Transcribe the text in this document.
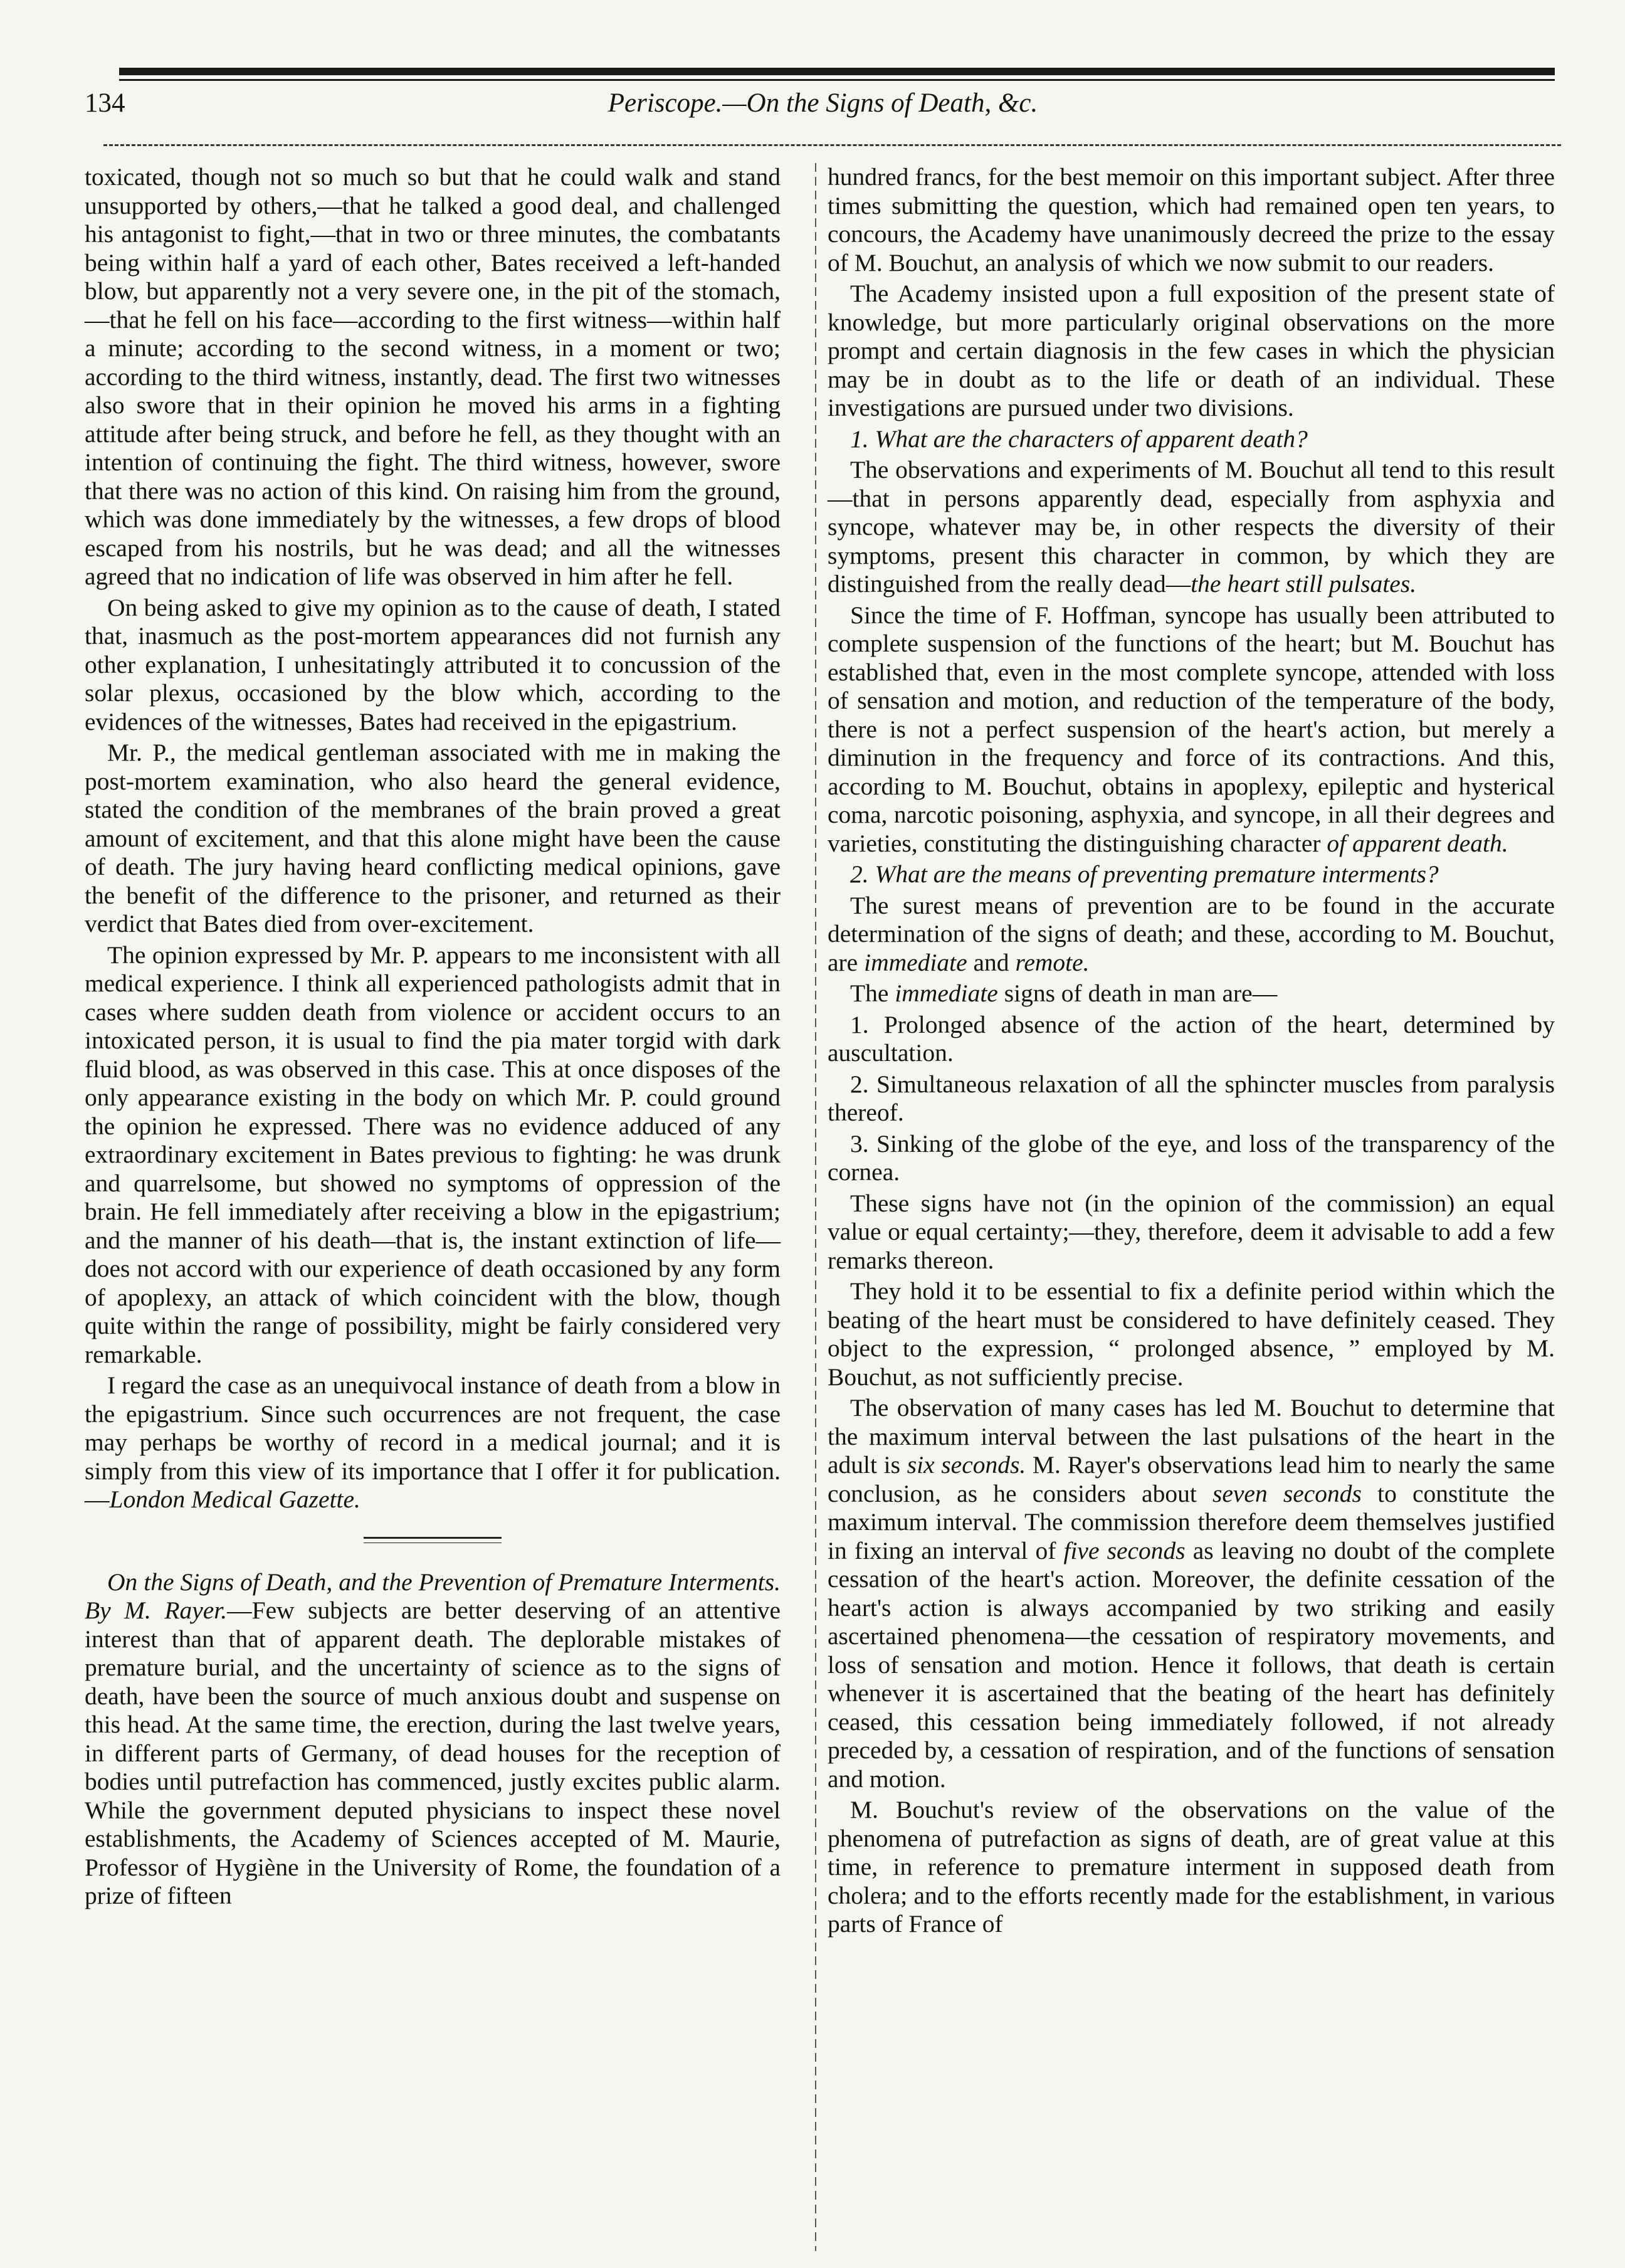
134	Periscope.—On the Signs of Death, &c.

toxicated, though not so much so but that he could walk and stand unsupported by others,—that he talked a good deal, and challenged his antagonist to fight,—that in two or three minutes, the combatants being within half a yard of each other, Bates received a left-handed blow, but apparently not a very severe one, in the pit of the stomach,—that he fell on his face—according to the first witness—within half a minute; according to the second witness, in a moment or two; according to the third witness, instantly, dead. The first two witnesses also swore that in their opinion he moved his arms in a fighting attitude after being struck, and before he fell, as they thought with an intention of continuing the fight. The third witness, however, swore that there was no action of this kind. On raising him from the ground, which was done immediately by the witnesses, a few drops of blood escaped from his nostrils, but he was dead; and all the witnesses agreed that no indication of life was observed in him after he fell.

On being asked to give my opinion as to the cause of death, I stated that, inasmuch as the post-mortem appearances did not furnish any other explanation, I unhesitatingly attributed it to concussion of the solar plexus, occasioned by the blow which, according to the evidences of the witnesses, Bates had received in the epigastrium.

Mr. P., the medical gentleman associated with me in making the post-mortem examination, who also heard the general evidence, stated the condition of the membranes of the brain proved a great amount of excitement, and that this alone might have been the cause of death. The jury having heard conflicting medical opinions, gave the benefit of the difference to the prisoner, and returned as their verdict that Bates died from over-excitement.

The opinion expressed by Mr. P. appears to me inconsistent with all medical experience. I think all experienced pathologists admit that in cases where sudden death from violence or accident occurs to an intoxicated person, it is usual to find the pia mater torgid with dark fluid blood, as was observed in this case. This at once disposes of the only appearance existing in the body on which Mr. P. could ground the opinion he expressed. There was no evidence adduced of any extraordinary excitement in Bates previous to fighting: he was drunk and quarrelsome, but showed no symptoms of oppression of the brain. He fell immediately after receiving a blow in the epigastrium; and the manner of his death—that is, the instant extinction of life—does not accord with our experience of death occasioned by any form of apoplexy, an attack of which coincident with the blow, though quite within the range of possibility, might be fairly considered very remarkable.

I regard the case as an unequivocal instance of death from a blow in the epigastrium. Since such occurrences are not frequent, the case may perhaps be worthy of record in a medical journal; and it is simply from this view of its importance that I offer it for publication.—London Medical Gazette.

On the Signs of Death, and the Prevention of Premature Interments. By M. Rayer.—Few subjects are better deserving of an attentive interest than that of apparent death. The deplorable mistakes of premature burial, and the uncertainty of science as to the signs of death, have been the source of much anxious doubt and suspense on this head. At the same time, the erection, during the last twelve years, in different parts of Germany, of dead houses for the reception of bodies until putrefaction has commenced, justly excites public alarm. While the government deputed physicians to inspect these novel establishments, the Academy of Sciences accepted of M. Maurie, Professor of Hygiène in the University of Rome, the foundation of a prize of fifteen

hundred francs, for the best memoir on this important subject. After three times submitting the question, which had remained open ten years, to concours, the Academy have unanimously decreed the prize to the essay of M. Bouchut, an analysis of which we now submit to our readers.

The Academy insisted upon a full exposition of the present state of knowledge, but more particularly original observations on the more prompt and certain diagnosis in the few cases in which the physician may be in doubt as to the life or death of an individual. These investigations are pursued under two divisions.

1. What are the characters of apparent death?

The observations and experiments of M. Bouchut all tend to this result—that in persons apparently dead, especially from asphyxia and syncope, whatever may be, in other respects the diversity of their symptoms, present this character in common, by which they are distinguished from the really dead—the heart still pulsates.

Since the time of F. Hoffman, syncope has usually been attributed to complete suspension of the functions of the heart; but M. Bouchut has established that, even in the most complete syncope, attended with loss of sensation and motion, and reduction of the temperature of the body, there is not a perfect suspension of the heart's action, but merely a diminution in the frequency and force of its contractions. And this, according to M. Bouchut, obtains in apoplexy, epileptic and hysterical coma, narcotic poisoning, asphyxia, and syncope, in all their degrees and varieties, constituting the distinguishing character of apparent death.

2. What are the means of preventing premature interments?

The surest means of prevention are to be found in the accurate determination of the signs of death; and these, according to M. Bouchut, are immediate and remote.

The immediate signs of death in man are—

1. Prolonged absence of the action of the heart, determined by auscultation.

2. Simultaneous relaxation of all the sphincter muscles from paralysis thereof.

3. Sinking of the globe of the eye, and loss of the transparency of the cornea.

These signs have not (in the opinion of the commission) an equal value or equal certainty;—they, therefore, deem it advisable to add a few remarks thereon.

They hold it to be essential to fix a definite period within which the beating of the heart must be considered to have definitely ceased. They object to the expression, “ prolonged absence, ” employed by M. Bouchut, as not sufficiently precise.

The observation of many cases has led M. Bouchut to determine that the maximum interval between the last pulsations of the heart in the adult is six seconds. M. Rayer's observations lead him to nearly the same conclusion, as he considers about seven seconds to constitute the maximum interval. The commission therefore deem themselves justified in fixing an interval of five seconds as leaving no doubt of the complete cessation of the heart's action. Moreover, the definite cessation of the heart's action is always accompanied by two striking and easily ascertained phenomena—the cessation of respiratory movements, and loss of sensation and motion. Hence it follows, that death is certain whenever it is ascertained that the beating of the heart has definitely ceased, this cessation being immediately followed, if not already preceded by, a cessation of respiration, and of the functions of sensation and motion.

M. Bouchut's review of the observations on the value of the phenomena of putrefaction as signs of death, are of great value at this time, in reference to premature interment in supposed death from cholera; and to the efforts recently made for the establishment, in various parts of France of
